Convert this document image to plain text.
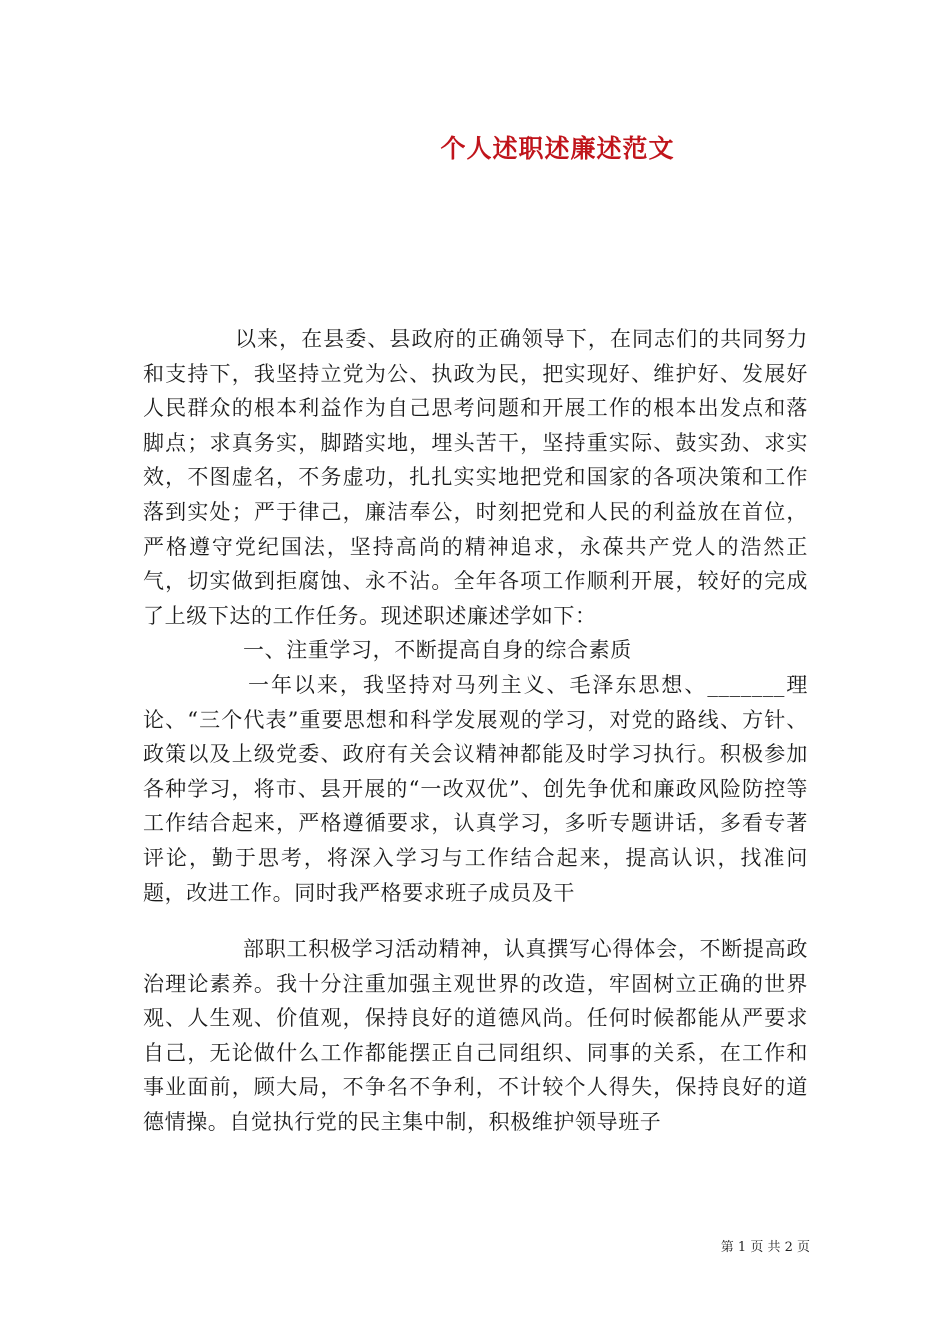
个人述职述廉述范文

以来，在县委、县政府的正确领导下，在同志们的共同努力和支持下，我坚持立党为公、执政为民，把实现好、维护好、发展好人民群众的根本利益作为自己思考问题和开展工作的根本出发点和落脚点；求真务实，脚踏实地，埋头苦干，坚持重实际、鼓实劲、求实效，不图虚名，不务虚功，扎扎实实地把党和国家的各项决策和工作落到实处；严于律己，廉洁奉公，时刻把党和人民的利益放在首位，严格遵守党纪国法，坚持高尚的精神追求，永葆共产党人的浩然正气，切实做到拒腐蚀、永不沾。全年各项工作顺利开展，较好的完成了上级下达的工作任务。现述职述廉述学如下：

一、注重学习，不断提高自身的综合素质

一年以来，我坚持对马列主义、毛泽东思想、_______理论、“三个代表”重要思想和科学发展观的学习，对党的路线、方针、政策以及上级党委、政府有关会议精神都能及时学习执行。积极参加各种学习，将市、县开展的“一改双优”、创先争优和廉政风险防控等工作结合起来，严格遵循要求，认真学习，多听专题讲话，多看专著评论，勤于思考，将深入学习与工作结合起来，提高认识，找准问题，改进工作。同时我严格要求班子成员及干

部职工积极学习活动精神，认真撰写心得体会，不断提高政治理论素养。我十分注重加强主观世界的改造，牢固树立正确的世界观、人生观、价值观，保持良好的道德风尚。任何时候都能从严要求自己，无论做什么工作都能摆正自己同组织、同事的关系，在工作和事业面前，顾大局，不争名不争利，不计较个人得失，保持良好的道德情操。自觉执行党的民主集中制，积极维护领导班子

第 1 页 共 2 页
